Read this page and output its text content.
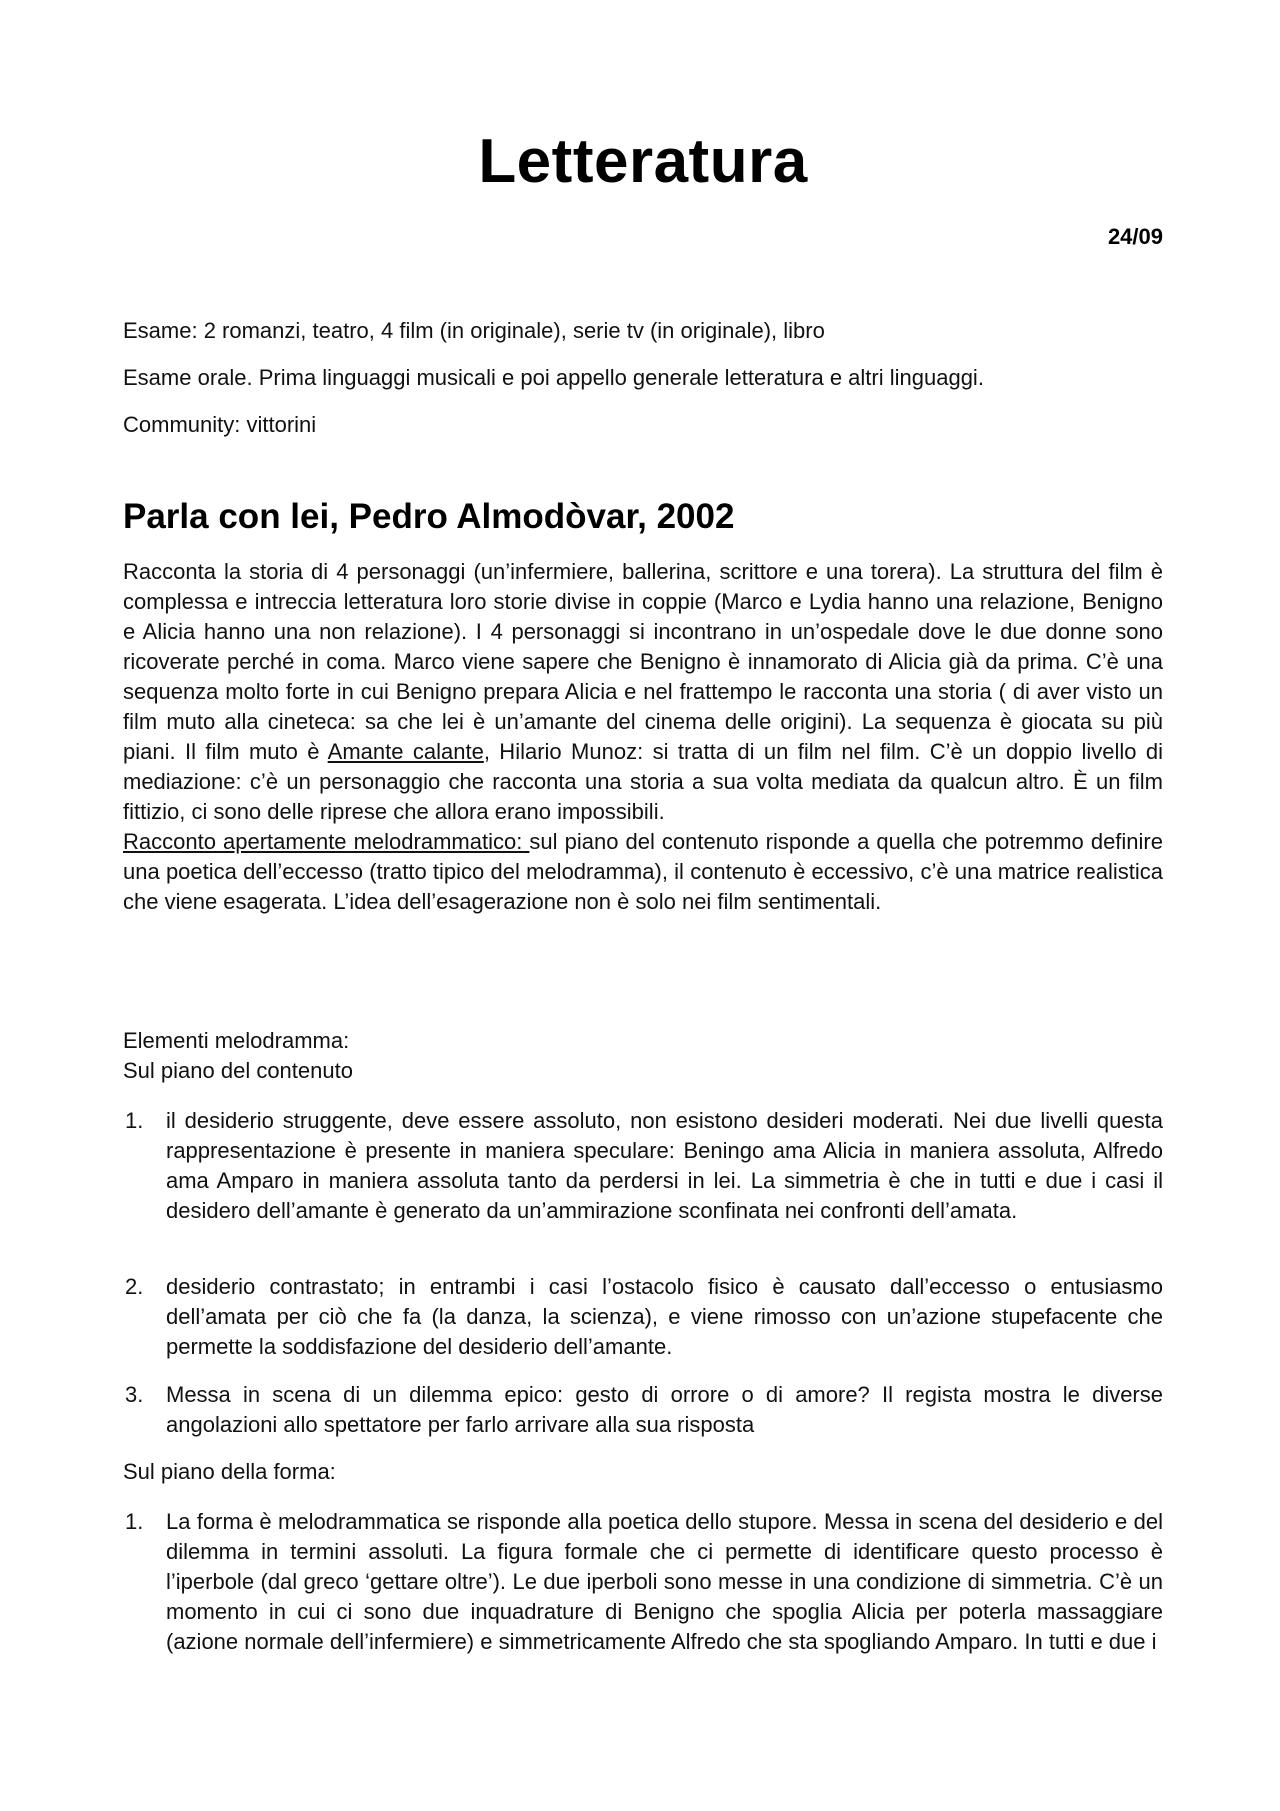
Letteratura
24/09

Esame: 2 romanzi, teatro, 4 film (in originale), serie tv (in originale), libro

Esame orale. Prima linguaggi musicali e poi appello generale letteratura e altri linguaggi.

Community: vittorini

Parla con lei, Pedro Almodòvar, 2002

Racconta la storia di 4 personaggi (un’infermiere, ballerina, scrittore e una torera). La struttura del film è complessa e intreccia letteratura loro storie divise in coppie (Marco e Lydia hanno una relazione, Benigno e Alicia hanno una non relazione). I 4 personaggi si incontrano in un’ospedale dove le due donne sono ricoverate perché in coma. Marco viene sapere che Benigno è innamorato di Alicia già da prima. C’è una sequenza molto forte in cui Benigno prepara Alicia e nel frattempo le racconta una storia ( di aver visto un film muto alla cineteca: sa che lei è un’amante del cinema delle origini). La sequenza è giocata su più piani. Il film muto è Amante calante, Hilario Munoz: si tratta di un film nel film. C’è un doppio livello di mediazione: c’è un personaggio che racconta una storia a sua volta mediata da qualcun altro. È un film fittizio, ci sono delle riprese che allora erano impossibili.
Racconto apertamente melodrammatico: sul piano del contenuto risponde a quella che potremmo definire una poetica dell’eccesso (tratto tipico del melodramma), il contenuto è eccessivo, c’è una matrice realistica che viene esagerata. L’idea dell’esagerazione non è solo nei film sentimentali.

Elementi melodramma:

Sul piano del contenuto

1. il desiderio struggente, deve essere assoluto, non esistono desideri moderati. Nei due livelli questa rappresentazione è presente in maniera speculare: Beningo ama Alicia in maniera assoluta, Alfredo ama Amparo in maniera assoluta tanto da perdersi in lei. La simmetria è che in tutti e due i casi il desidero dell’amante è generato da un’ammirazione sconfinata nei confronti dell’amata.

2. desiderio contrastato; in entrambi i casi l’ostacolo fisico è causato dall’eccesso o entusiasmo dell’amata per ciò che fa (la danza, la scienza), e viene rimosso con un’azione stupefacente che permette la soddisfazione del desiderio dell’amante.

3. Messa in scena di un dilemma epico: gesto di orrore o di amore? Il regista mostra le diverse angolazioni allo spettatore per farlo arrivare alla sua risposta

Sul piano della forma:

1. La forma è melodrammatica se risponde alla poetica dello stupore. Messa in scena del desiderio e del dilemma in termini assoluti. La figura formale che ci permette di identificare questo processo è l’iperbole (dal greco ‘gettare oltre’). Le due iperboli sono messe in una condizione di simmetria. C’è un momento in cui ci sono due inquadrature di Benigno che spoglia Alicia per poterla massaggiare (azione normale dell’infermiere) e simmetricamente Alfredo che sta spogliando Amparo. In tutti e due i
